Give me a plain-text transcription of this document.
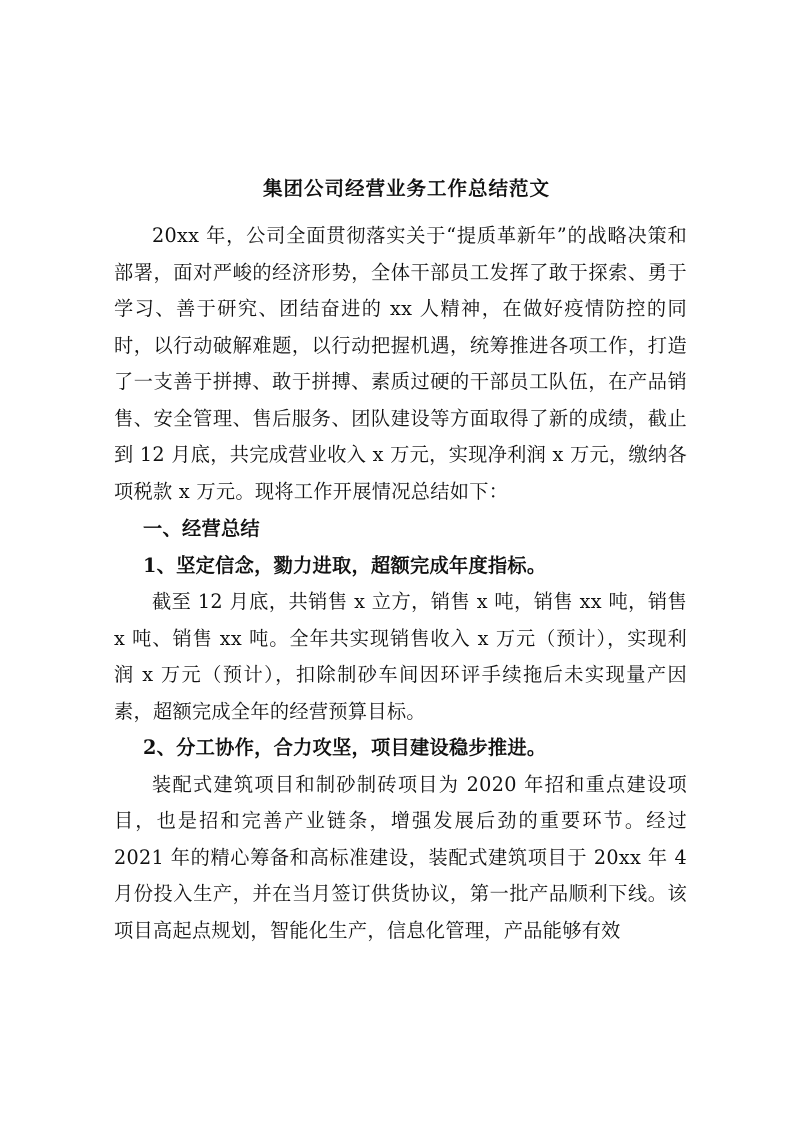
集团公司经营业务工作总结范文

20xx 年，公司全面贯彻落实关于“提质革新年”的战略决策和部署，面对严峻的经济形势，全体干部员工发挥了敢于探索、勇于学习、善于研究、团结奋进的 xx 人精神，在做好疫情防控的同时，以行动破解难题，以行动把握机遇，统筹推进各项工作，打造了一支善于拼搏、敢于拼搏、素质过硬的干部员工队伍，在产品销售、安全管理、售后服务、团队建设等方面取得了新的成绩，截止到 12 月底，共完成营业收入 x 万元，实现净利润 x 万元，缴纳各项税款 x 万元。现将工作开展情况总结如下：

一、经营总结

1、坚定信念，勠力进取，超额完成年度指标。

截至 12 月底，共销售 x 立方，销售 x 吨，销售 xx 吨，销售 x 吨、销售 xx 吨。全年共实现销售收入 x 万元（预计），实现利润 x 万元（预计），扣除制砂车间因环评手续拖后未实现量产因素，超额完成全年的经营预算目标。

2、分工协作，合力攻坚，项目建设稳步推进。

装配式建筑项目和制砂制砖项目为 2020 年招和重点建设项目，也是招和完善产业链条，增强发展后劲的重要环节。经过 2021 年的精心筹备和高标准建设，装配式建筑项目于 20xx 年 4 月份投入生产，并在当月签订供货协议，第一批产品顺利下线。该项目高起点规划，智能化生产，信息化管理，产品能够有效
